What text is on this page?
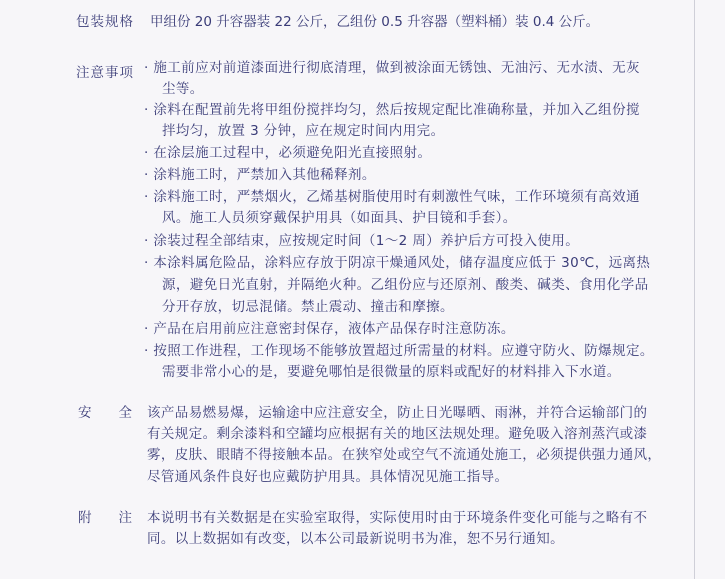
包装规格 甲组份 20 升容器装 22 公斤，乙组份 0.5 升容器（塑料桶）装 0.4 公斤。
注意事项 · 施工前应对前道漆面进行彻底清理，做到被涂面无锈蚀、无油污、无水渍、无灰
尘等。
· 涂料在配置前先将甲组份搅拌均匀，然后按规定配比准确称量，并加入乙组份搅
拌均匀，放置 3 分钟，应在规定时间内用完。
· 在涂层施工过程中，必须避免阳光直接照射。
· 涂料施工时，严禁加入其他稀释剂。
· 涂料施工时，严禁烟火，乙烯基树脂使用时有刺激性气味，工作环境须有高效通
风。施工人员须穿戴保护用具（如面具、护目镜和手套）。
· 涂装过程全部结束，应按规定时间（1～2 周）养护后方可投入使用。
· 本涂料属危险品，涂料应存放于阴凉干燥通风处，储存温度应低于 30℃，远离热
源，避免日光直射，并隔绝火种。乙组份应与还原剂、酸类、碱类、食用化学品
分开存放，切忌混储。禁止震动、撞击和摩擦。
· 产品在启用前应注意密封保存，液体产品保存时注意防冻。
· 按照工作进程，工作现场不能够放置超过所需量的材料。应遵守防火、防爆规定。
需要非常小心的是，要避免哪怕是很微量的原料或配好的材料排入下水道。
安 全 该产品易燃易爆，运输途中应注意安全，防止日光曝晒、雨淋，并符合运输部门的
有关规定。剩余漆料和空罐均应根据有关的地区法规处理。避免吸入溶剂蒸汽或漆
雾，皮肤、眼睛不得接触本品。在狭窄处或空气不流通处施工，必须提供强力通风，
尽管通风条件良好也应戴防护用具。具体情况见施工指导。
附 注 本说明书有关数据是在实验室取得，实际使用时由于环境条件变化可能与之略有不
同。以上数据如有改变，以本公司最新说明书为准，恕不另行通知。
